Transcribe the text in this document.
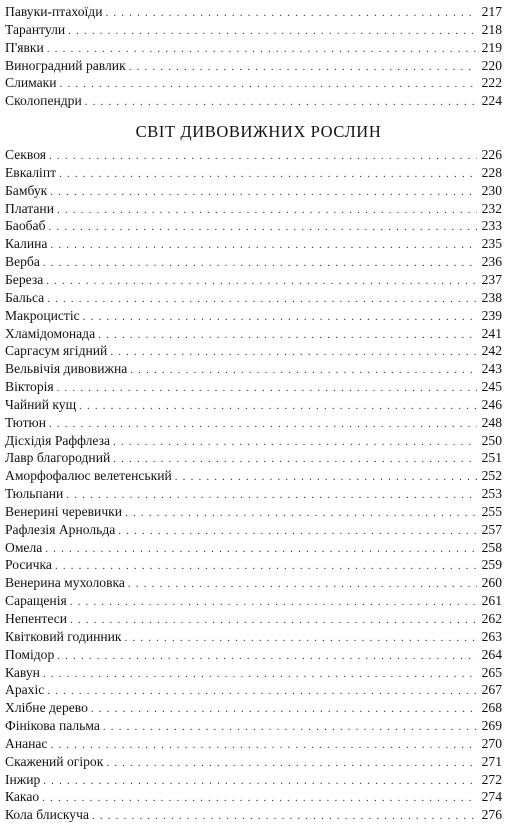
Павуки-птахоїди . . .	217
Тарантули . . .	218
П'явки . . .	219
Виноградний равлик . . .	220
Слимаки . . .	222
Сколопендри . . .	224
СВІТ ДИВОВИЖНИХ РОСЛИН
Секвоя . . .	226
Евкаліпт . . .	228
Бамбук . . .	230
Платани . . .	232
Баобаб . . .	233
Калина . . .	235
Верба . . .	236
Береза . . .	237
Бальса . . .	238
Макроцистіс . . .	239
Хламідомонада . . .	241
Саргасум ягідний . . .	242
Вельвічія дивовижна . . .	243
Вікторія . . .	245
Чайний кущ . . .	246
Тютюн . . .	248
Дісхідія Раффлеза . . .	250
Лавр благородний . . .	251
Аморфофалюс велетенський . . .	252
Тюльпани . . .	253
Венерині черевички . . .	255
Рафлезія Арнольда . . .	257
Омела . . .	258
Росичка . . .	259
Венерина мухоловка . . .	260
Саращенія . . .	261
Непентеси . . .	262
Квітковий годинник . . .	263
Помідор . . .	264
Кавун . . .	265
Арахіс . . .	267
Хлібне дерево . . .	268
Фінікова пальма . . .	269
Ананас . . .	270
Скажений огірок . . .	271
Інжир . . .	272
Какао . . .	274
Кола блискуча . . .	276
